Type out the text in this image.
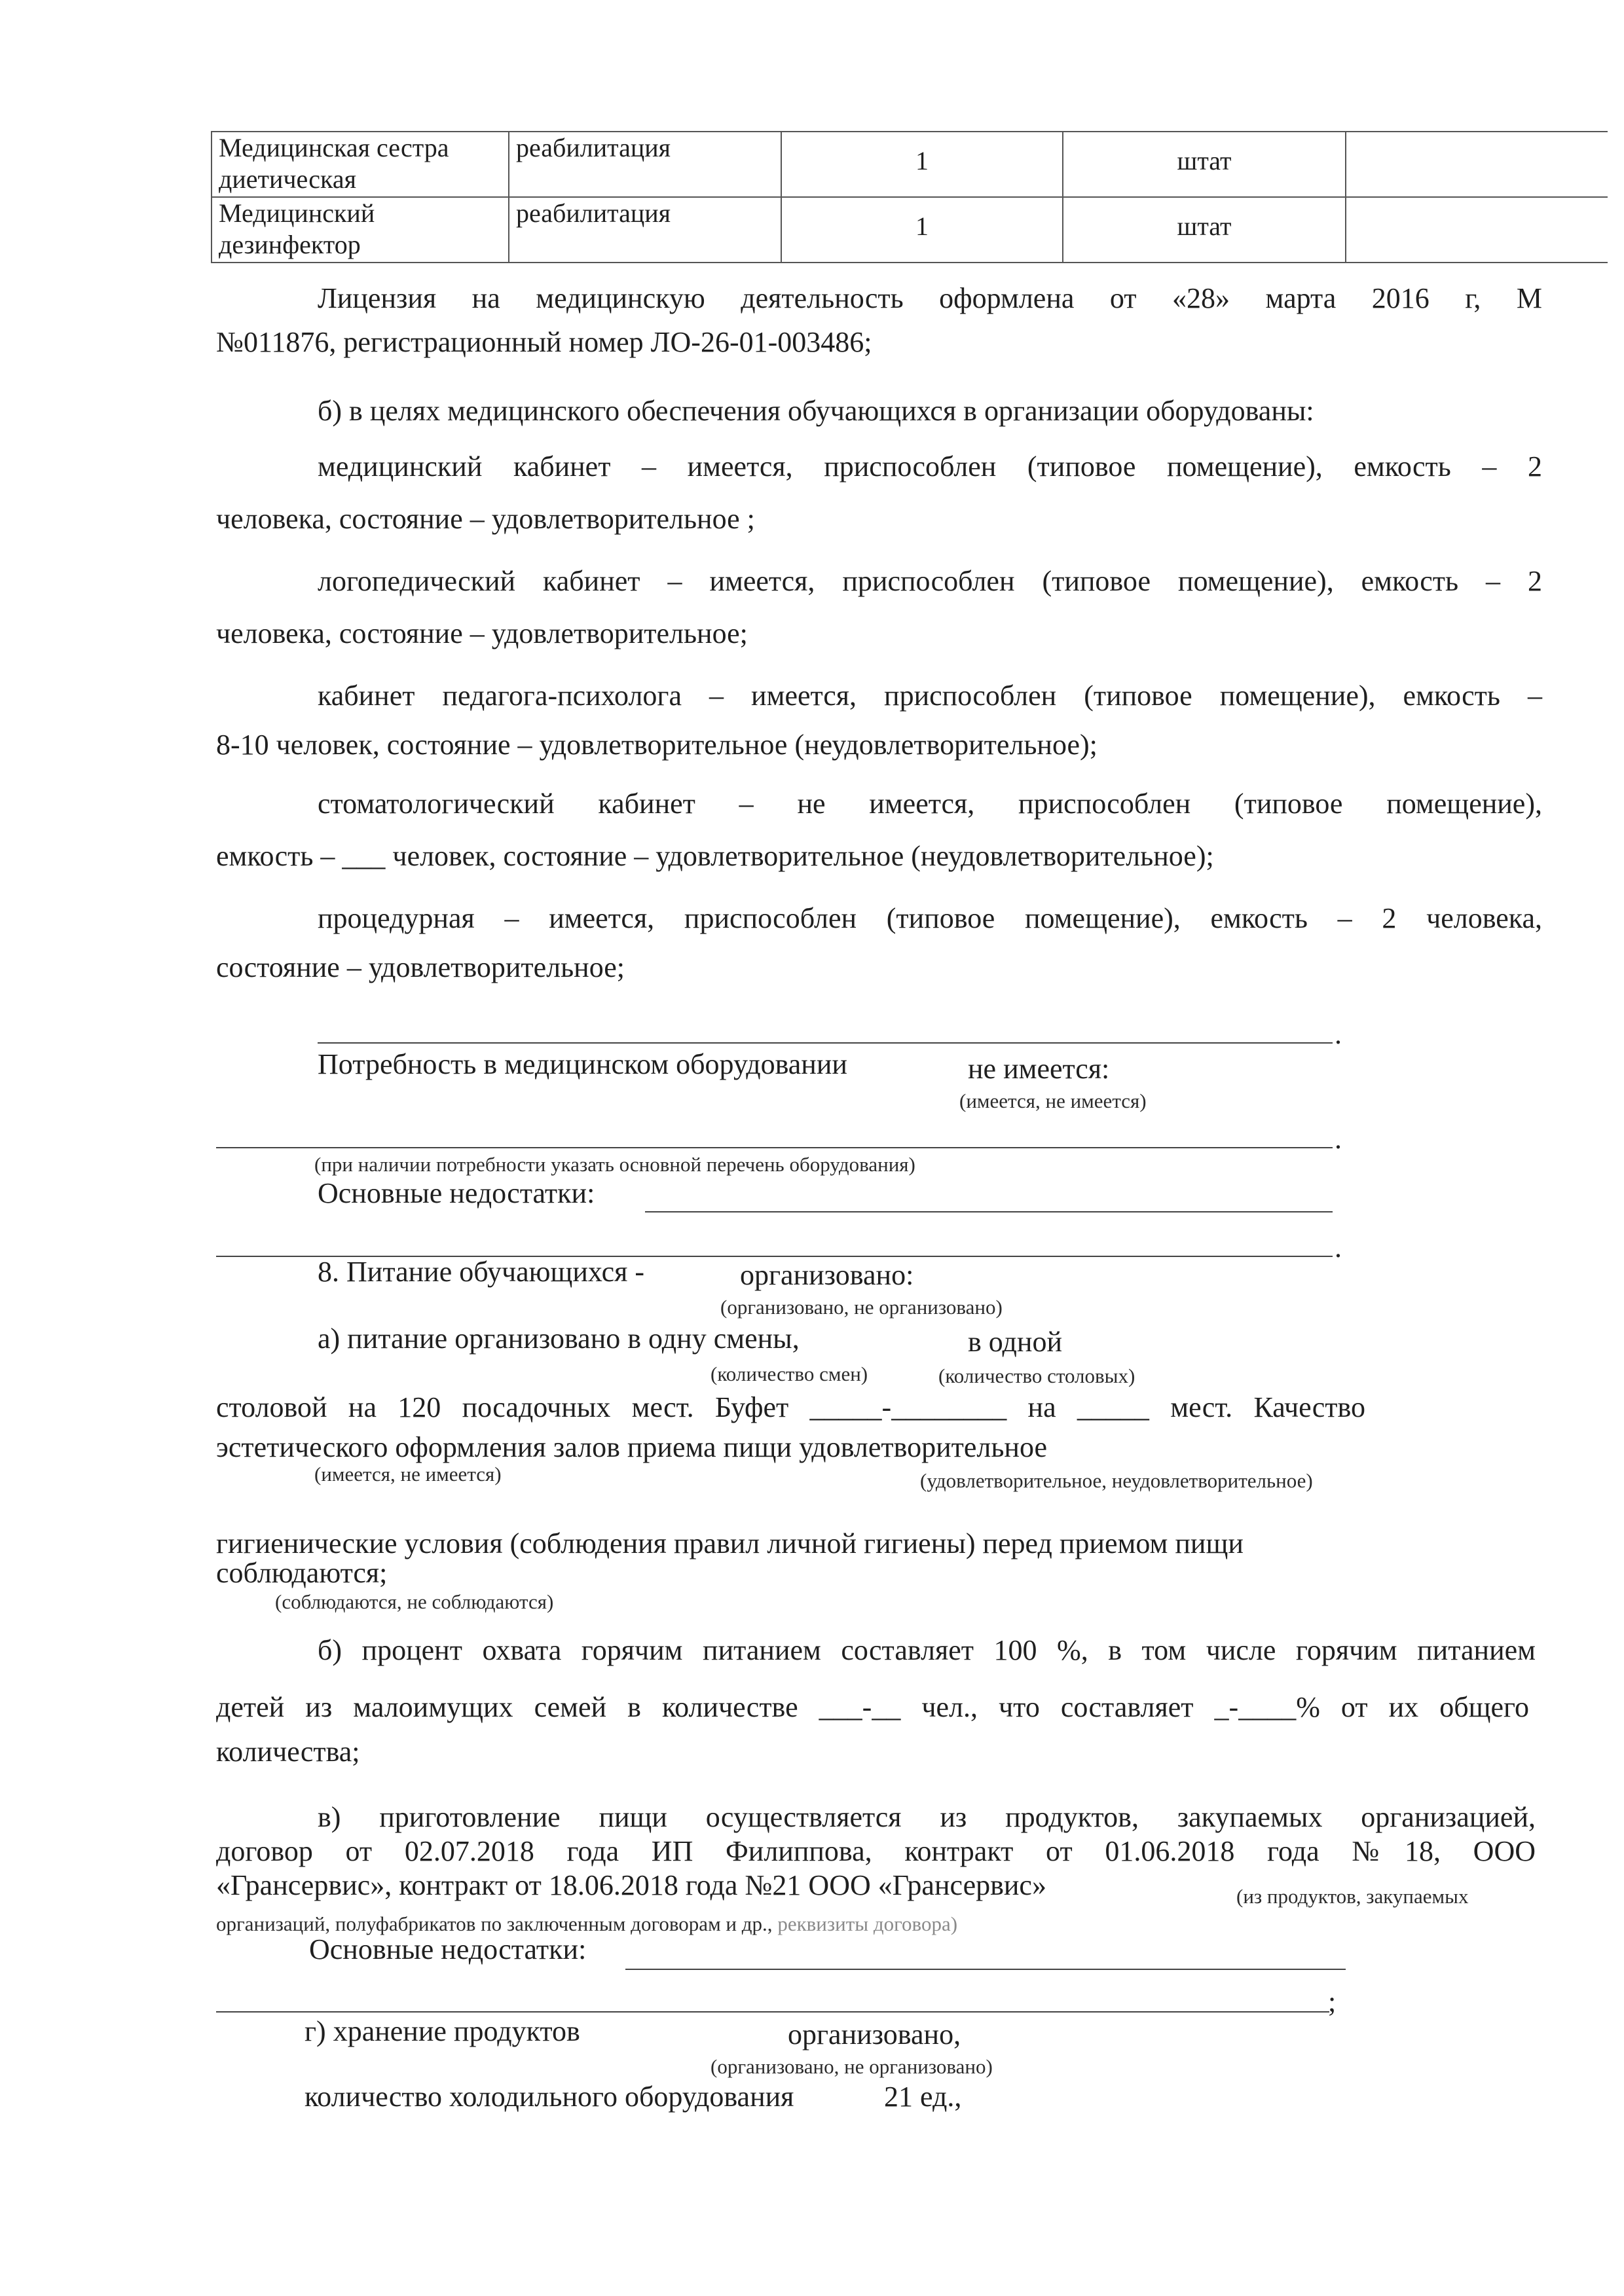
Медицинская сестра диетическая	реабилитация	1	штат	
Медицинский дезинфектор	реабилитация	1	штат	
Лицензия на медицинскую деятельность оформлена от «28» марта 2016 г, М
№011876, регистрационный номер ЛО-26-01-003486;
б) в целях медицинского обеспечения обучающихся в организации оборудованы:
медицинский кабинет – имеется, приспособлен (типовое помещение), емкость – 2
человека, состояние – удовлетворительное ;
логопедический кабинет – имеется, приспособлен (типовое помещение), емкость – 2
человека, состояние – удовлетворительное;
кабинет педагога-психолога – имеется, приспособлен (типовое помещение), емкость –
8-10 человек, состояние – удовлетворительное (неудовлетворительное);
стоматологический кабинет – не имеется, приспособлен (типовое помещение),
емкость – ___ человек, состояние – удовлетворительное (неудовлетворительное);
процедурная – имеется, приспособлен (типовое помещение), емкость – 2 человека,
состояние – удовлетворительное;
.
Потребность в медицинском оборудовании	не имеется:
(имеется, не имеется)
.
(при наличии потребности указать основной перечень оборудования)
Основные недостатки:
.
8. Питание обучающихся -	организовано:
(организовано, не организовано)
а) питание организовано в одну смены,	в одной
(количество смен)	(количество столовых)
столовой на 120 посадочных мест. Буфет _____-________ на _____ мест. Качество
эстетического оформления залов приема пищи удовлетворительное
(имеется, не имеется)	(удовлетворительное, неудовлетворительное)
гигиенические условия (соблюдения правил личной гигиены) перед приемом пищи
соблюдаются;
(соблюдаются, не соблюдаются)
б) процент охвата горячим питанием составляет 100 %, в том числе горячим питанием
детей из малоимущих семей в количестве ___-__ чел., что составляет _-____% от их общего
количества;
в) приготовление пищи осуществляется из продуктов, закупаемых организацией,
договор от 02.07.2018 года ИП Филиппова, контракт от 01.06.2018 года №18, ООО
«Грансервис», контракт от 18.06.2018 года №21 ООО «Грансервис»	(из продуктов, закупаемых
организаций, полуфабрикатов по заключенным договорам и др., реквизиты договора)
Основные недостатки:
;
г) хранение продуктов	организовано,
(организовано, не организовано)
количество холодильного оборудования	21 ед.,
